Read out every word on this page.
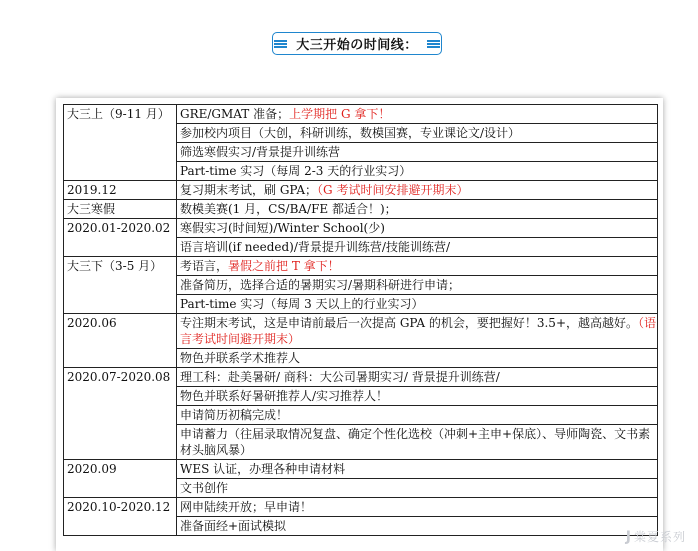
大三开始の时间线：
大三上（9-11 月）	GRE/GMAT 准备；上学期把 G 拿下！
	参加校内项目（大创，科研训练，数模国赛，专业课论文/设计）
	筛选寒假实习/背景提升训练营
	Part-time 实习（每周 2-3 天的行业实习）
2019.12	复习期末考试，刷 GPA；（G 考试时间安排避开期末）
大三寒假	数模美赛(1 月，CS/BA/FE 都适合！)；
2020.01-2020.02	寒假实习(时间短)/Winter School(少)
	语言培训(if needed)/背景提升训练营/技能训练营/
大三下（3-5 月）	考语言，暑假之前把 T 拿下！
	准备简历，选择合适的暑期实习/暑期科研进行申请；
	Part-time 实习（每周 3 天以上的行业实习）
2020.06	专注期末考试，这是申请前最后一次提高 GPA 的机会，要把握好！3.5+，越高越好。（语言考试时间避开期末）
	物色并联系学术推荐人
2020.07-2020.08	理工科：赴美暑研/ 商科：大公司暑期实习/ 背景提升训练营/
	物色并联系好暑研推荐人/实习推荐人！
	申请简历初稿完成！
	申请蓄力（往届录取情况复盘、确定个性化选校（冲刺+主申+保底）、导师陶瓷、文书素材头脑风暴）
2020.09	WES 认证，办理各种申请材料
	文书创作
2020.10-2020.12	网申陆续开放；早申请！
	准备面经+面试模拟
J 棠夏系列
